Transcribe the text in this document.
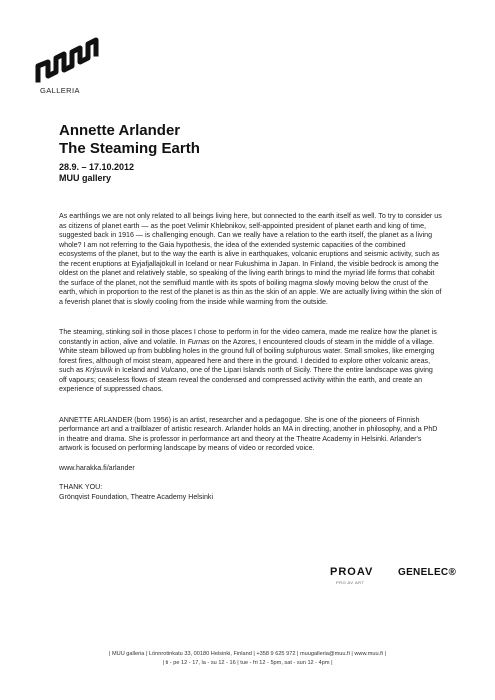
GALLERIA
Annette Arlander
The Steaming Earth
28.9. – 17.10.2012
MUU gallery

As earthlings we are not only related to all beings living here, but connected to the earth itself as well. To try to consider us as citizens of planet earth — as the poet Velimir Khlebnikov, self-appointed president of planet earth and king of time, suggested back in 1916 — is challenging enough. Can we really have a relation to the earth itself, the planet as a living whole? I am not referring to the Gaia hypothesis, the idea of the extended systemic capacities of the combined ecosystems of the planet, but to the way the earth is alive in earthquakes, volcanic eruptions and seismic activity, such as the recent eruptions at Eyjafjallajökull in Iceland or near Fukushima in Japan. In Finland, the visible bedrock is among the oldest on the planet and relatively stable, so speaking of the living earth brings to mind the myriad life forms that cohabit the surface of the planet, not the semifluid mantle with its spots of boiling magma slowly moving below the crust of the earth, which in proportion to the rest of the planet is as thin as the skin of an apple. We are actually living within the skin of a feverish planet that is slowly cooling from the inside while warming from the outside.

The steaming, stinking soil in those places I chose to perform in for the video camera, made me realize how the planet is constantly in action, alive and volatile. In Furnas on the Azores, I encountered clouds of steam in the middle of a village. White steam billowed up from bubbling holes in the ground full of boiling sulphurous water. Small smokes, like emerging forest fires, although of moist steam, appeared here and there in the ground. I decided to explore other volcanic areas, such as Krýsuvík in Iceland and Vulcano, one of the Lipari Islands north of Sicily. There the entire landscape was giving off vapours; ceaseless flows of steam reveal the condensed and compressed activity within the earth, and create an experience of suppressed chaos.

ANNETTE ARLANDER (born 1956) is an artist, researcher and a pedagogue. She is one of the pioneers of Finnish performance art and a trailblazer of artistic research. Arlander holds an MA in directing, another in philosophy, and a PhD in theatre and drama. She is professor in performance art and theory at the Theatre Academy in Helsinki. Arlander's artwork is focused on performing landscape by means of video or recorded voice.

www.harakka.fi/arlander

THANK YOU:
Grönqvist Foundation, Theatre Academy Helsinki
PROAV
PRO AV ART
GENELEC®
| MUU galleria | Lönnrotinkatu 33, 00180 Helsinki, Finland | +358 9 625 972 | muugalleria@muu.fi | www.muu.fi |
| ti - pe 12 - 17, la - su 12 - 16 | tue - fri 12 - 5pm, sat - sun 12 - 4pm |
